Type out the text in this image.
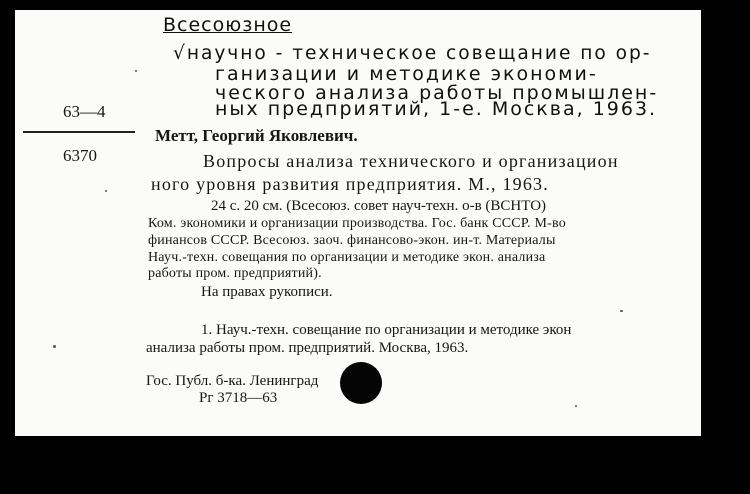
Всесоюзное
√научно - техническое совещание по ор-
ганизации и методике экономи-
ческого анализа работы промышлен-
ных предприятий, 1-е. Москва, 1963.
63—4
6370
Метт, Георгий Яковлевич.
Вопросы анализа технического и организацион
ного уровня развития предприятия. М., 1963.
24 с. 20 см. (Всесоюз. совет науч-техн. о-в (ВСНТО)
Ком. экономики и организации производства. Гос. банк СССР. М-во
финансов СССР. Всесоюз. заоч. финансово-экон. ин-т. Материалы
Науч.-техн. совещания по организации и методике экон. анализа
работы пром. предприятий).
На правах рукописи.
1. Науч.-техн. совещание по организации и методике экон
анализа работы пром. предприятий. Москва, 1963.
Гос. Публ. б-ка. Ленинград
Рг 3718—63
